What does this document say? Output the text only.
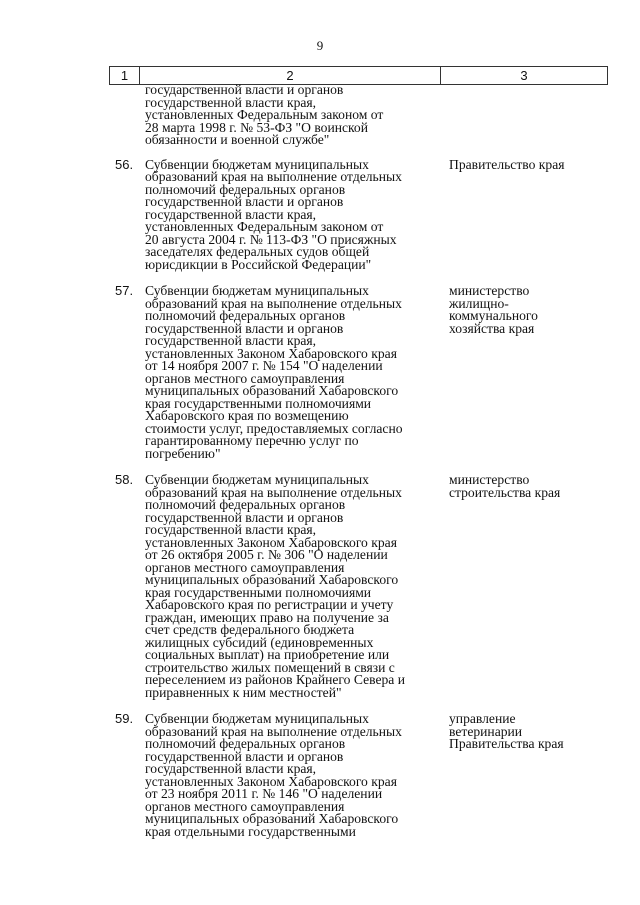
9
1	2	3
государственной власти и органов
государственной власти края,
установленных Федеральным законом от
28 марта 1998 г. № 53-ФЗ "О воинской
обязанности и военной службе"
56. Субвенции бюджетам муниципальных
образований края на выполнение отдельных
полномочий федеральных органов
государственной власти и органов
государственной власти края,
установленных Федеральным законом от
20 августа 2004 г. № 113-ФЗ "О присяжных
заседателях федеральных судов общей
юрисдикции в Российской Федерации"
Правительство края
57. Субвенции бюджетам муниципальных
образований края на выполнение отдельных
полномочий федеральных органов
государственной власти и органов
государственной власти края,
установленных Законом Хабаровского края
от 14 ноября 2007 г. № 154 "О наделении
органов местного самоуправления
муниципальных образований Хабаровского
края государственными полномочиями
Хабаровского края по возмещению
стоимости услуг, предоставляемых согласно
гарантированному перечню услуг по
погребению"
министерство
жилищно-
коммунального
хозяйства края
58. Субвенции бюджетам муниципальных
образований края на выполнение отдельных
полномочий федеральных органов
государственной власти и органов
государственной власти края,
установленных Законом Хабаровского края
от 26 октября 2005 г. № 306 "О наделении
органов местного самоуправления
муниципальных образований Хабаровского
края государственными полномочиями
Хабаровского края по регистрации и учету
граждан, имеющих право на получение за
счет средств федерального бюджета
жилищных субсидий (единовременных
социальных выплат) на приобретение или
строительство жилых помещений в связи с
переселением из районов Крайнего Севера и
приравненных к ним местностей"
министерство
строительства края
59. Субвенции бюджетам муниципальных
образований края на выполнение отдельных
полномочий федеральных органов
государственной власти и органов
государственной власти края,
установленных Законом Хабаровского края
от 23 ноября 2011 г. № 146 "О наделении
органов местного самоуправления
муниципальных образований Хабаровского
края отдельными государственными
управление
ветеринарии
Правительства края
